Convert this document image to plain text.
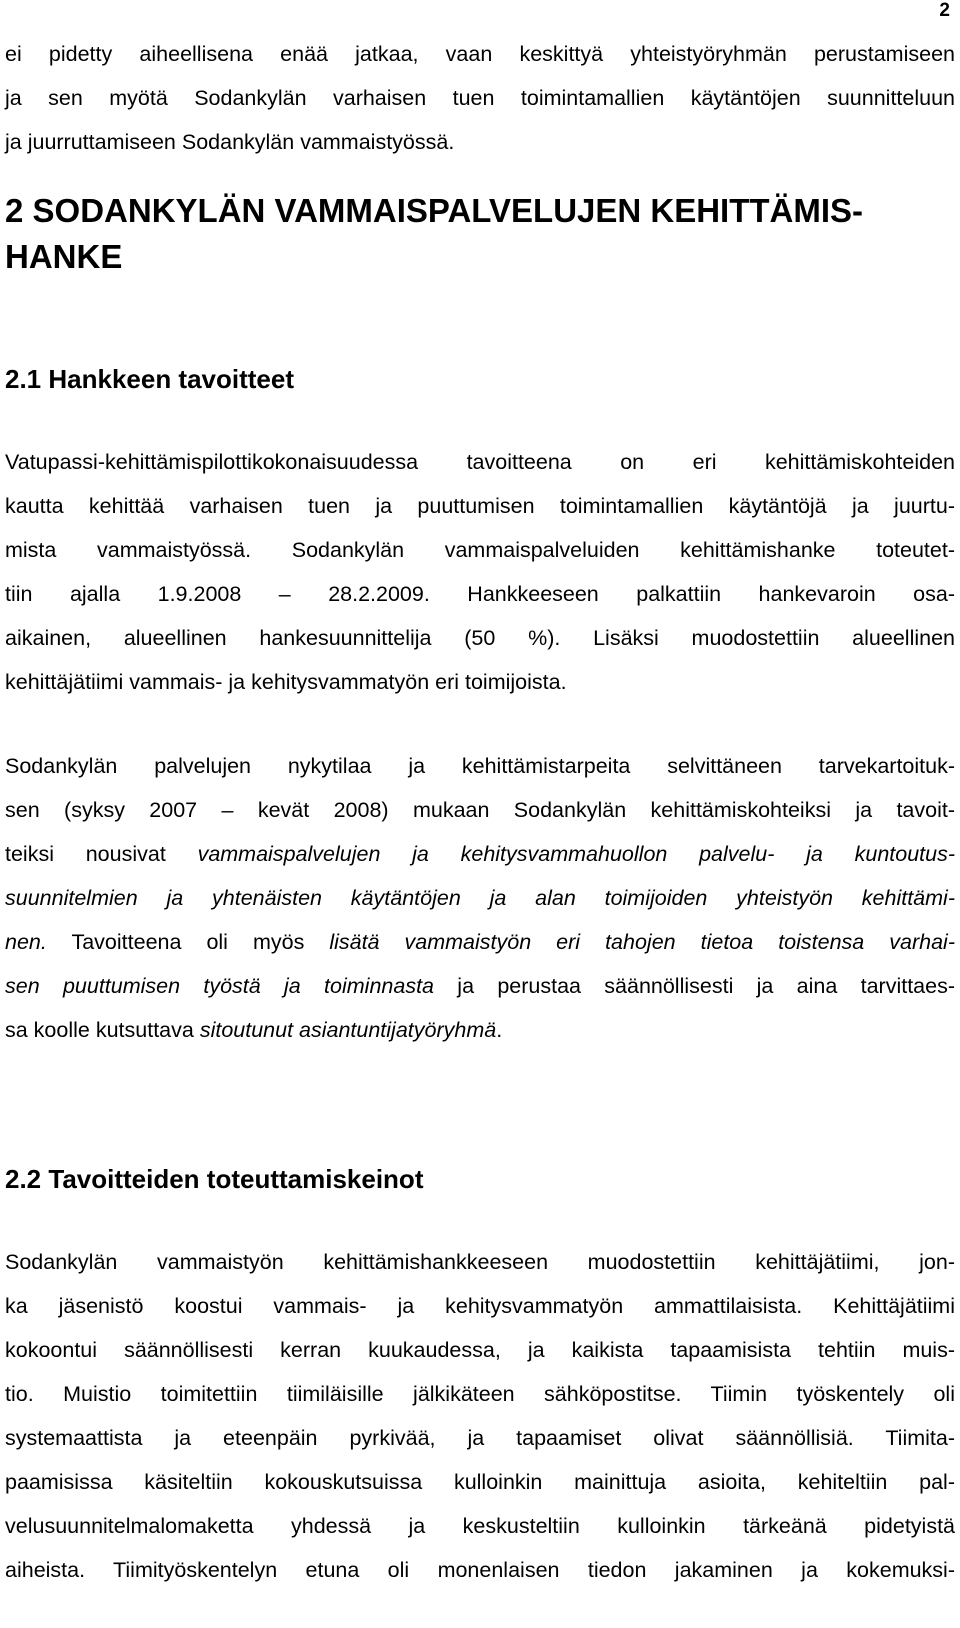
2
ei pidetty aiheellisena enää jatkaa, vaan keskittyä yhteistyöryhmän perustamiseen
ja sen myötä Sodankylän varhaisen tuen toimintamallien käytäntöjen suunnitteluun
ja juurruttamiseen Sodankylän vammaistyössä.
2 SODANKYLÄN VAMMAISPALVELUJEN KEHITTÄMIS-
HANKE
2.1 Hankkeen tavoitteet
Vatupassi-kehittämispilottikokonaisuudessa tavoitteena on eri kehittämiskohteiden
kautta kehittää varhaisen tuen ja puuttumisen toimintamallien käytäntöjä ja juurtu-
mista vammaistyössä. Sodankylän vammaispalveluiden kehittämishanke toteutet-
tiin ajalla 1.9.2008 – 28.2.2009. Hankkeeseen palkattiin hankevaroin osa-
aikainen, alueellinen hankesuunnittelija (50 %). Lisäksi muodostettiin alueellinen
kehittäjätiimi vammais- ja kehitysvammatyön eri toimijoista.
Sodankylän palvelujen nykytilaa ja kehittämistarpeita selvittäneen tarvekartoituk-
sen (syksy 2007 – kevät 2008) mukaan Sodankylän kehittämiskohteiksi ja tavoit-
teiksi nousivat vammaispalvelujen ja kehitysvammahuollon palvelu- ja kuntoutus-
suunnitelmien ja yhtenäisten käytäntöjen ja alan toimijoiden yhteistyön kehittämi-
nen. Tavoitteena oli myös lisätä vammaistyön eri tahojen tietoa toistensa varhai-
sen puuttumisen työstä ja toiminnasta ja perustaa säännöllisesti ja aina tarvittaes-
sa koolle kutsuttava sitoutunut asiantuntijatyöryhmä.
2.2 Tavoitteiden toteuttamiskeinot
Sodankylän vammaistyön kehittämishankkeeseen muodostettiin kehittäjätiimi, jon-
ka jäsenistö koostui vammais- ja kehitysvammatyön ammattilaisista. Kehittäjätiimi
kokoontui säännöllisesti kerran kuukaudessa, ja kaikista tapaamisista tehtiin muis-
tio. Muistio toimitettiin tiimiläisille jälkikäteen sähköpostitse. Tiimin työskentely oli
systemaattista ja eteenpäin pyrkivää, ja tapaamiset olivat säännöllisiä. Tiimita-
paamisissa käsiteltiin kokouskutsuissa kulloinkin mainittuja asioita, kehiteltiin pal-
velusuunnitelmalomaketta yhdessä ja keskusteltiin kulloinkin tärkeänä pidetyistä
aiheista. Tiimityöskentelyn etuna oli monenlaisen tiedon jakaminen ja kokemuksi-
